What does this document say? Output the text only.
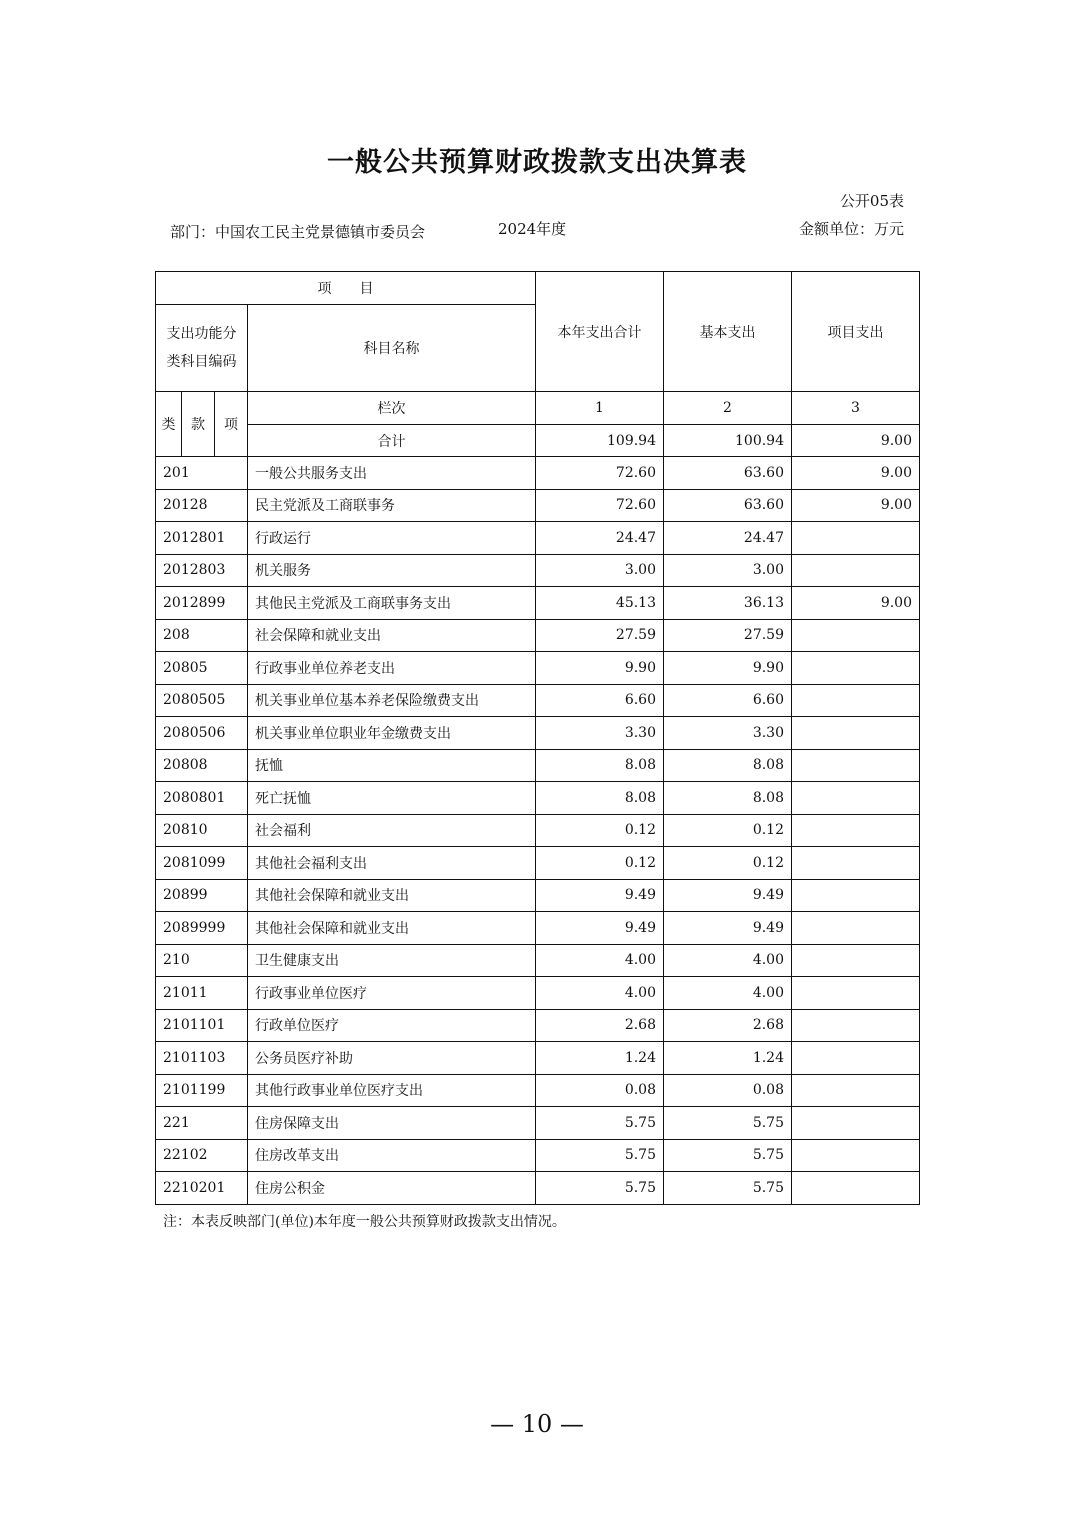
一般公共预算财政拨款支出决算表
公开05表
部门：中国农工民主党景德镇市委员会	2024年度	金额单位：万元
项　　目				本年支出合计	基本支出	项目支出
支出功能分类科目编码			科目名称			
类	款	项	栏次	1	2	3
			合计	109.94	100.94	9.00
201			一般公共服务支出	72.60	63.60	9.00
20128			民主党派及工商联事务	72.60	63.60	9.00
2012801			行政运行	24.47	24.47	
2012803			机关服务	3.00	3.00	
2012899			其他民主党派及工商联事务支出	45.13	36.13	9.00
208			社会保障和就业支出	27.59	27.59	
20805			行政事业单位养老支出	9.90	9.90	
2080505			机关事业单位基本养老保险缴费支出	6.60	6.60	
2080506			机关事业单位职业年金缴费支出	3.30	3.30	
20808			抚恤	8.08	8.08	
2080801			死亡抚恤	8.08	8.08	
20810			社会福利	0.12	0.12	
2081099			其他社会福利支出	0.12	0.12	
20899			其他社会保障和就业支出	9.49	9.49	
2089999			其他社会保障和就业支出	9.49	9.49	
210			卫生健康支出	4.00	4.00	
21011			行政事业单位医疗	4.00	4.00	
2101101			行政单位医疗	2.68	2.68	
2101103			公务员医疗补助	1.24	1.24	
2101199			其他行政事业单位医疗支出	0.08	0.08	
221			住房保障支出	5.75	5.75	
22102			住房改革支出	5.75	5.75	
2210201			住房公积金	5.75	5.75	
注：本表反映部门(单位)本年度一般公共预算财政拨款支出情况。
— 10 —
